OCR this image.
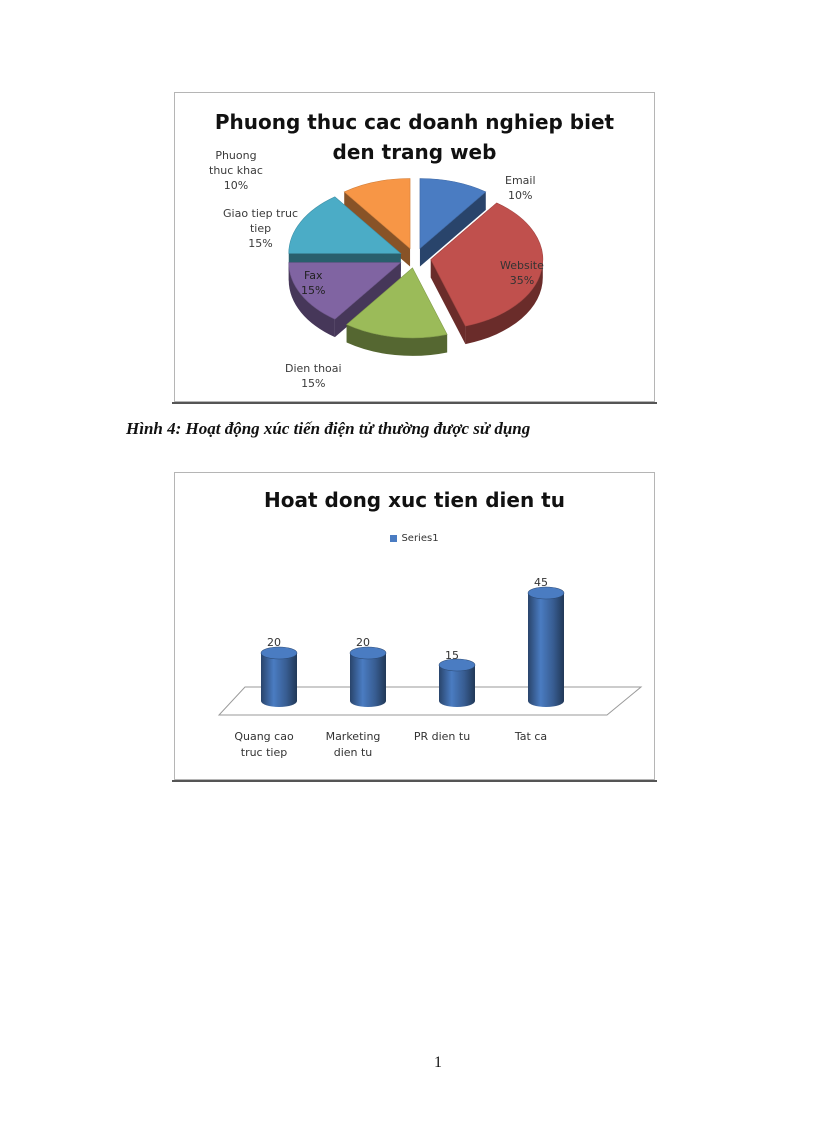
Phuong thuc cac doanh nghiep biet
den trang web
Email
10%
Website
35%
Dien thoai
15%
Fax
15%
Giao tiep truc
tiep
15%
Phuong
thuc khac
10%
Hình 4: Hoạt động xúc tiến điện tử thường được sử dụng
Hoat dong xuc tien dien tu
Series1
20	20
15
45
Quang cao
truc tiep
Marketing
dien tu
PR dien tu	Tat ca
1
